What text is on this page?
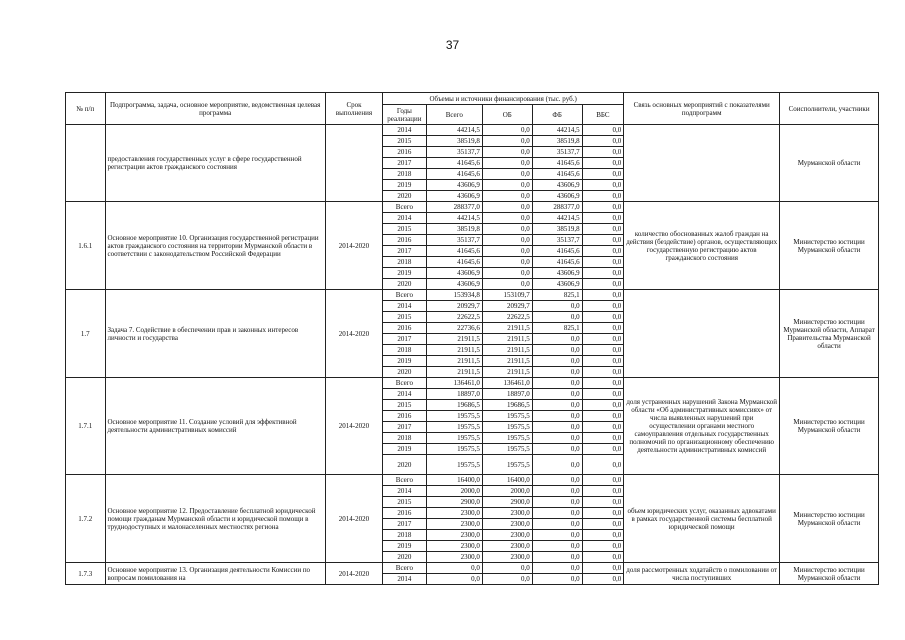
37
№ п/п	Подпрограмма, задача, основное мероприятие, ведомственная целевая программа	Срок выполнения	Объемы и источники финансирования (тыс. руб.)					Связь основных мероприятий с показателями подпрограмм	Соисполнители, участники
			Годы реализации	Всего	ОБ	ФБ	ВБС		
	предоставления государственных услуг в сфере государственной регистрации актов гражданского состояния		2014	44214,5	0,0	44214,5	0,0		Мурманской области
			2015	38519,8	0,0	38519,8	0,0		
			2016	35137,7	0,0	35137,7	0,0		
			2017	41645,6	0,0	41645,6	0,0		
			2018	41645,6	0,0	41645,6	0,0		
			2019	43606,9	0,0	43606,9	0,0		
			2020	43606,9	0,0	43606,9	0,0		
1.6.1	Основное мероприятие 10. Организация государственной регистрации актов гражданского состояния на территории Мурманской области в соответствии с законодательством Российской Федерации	2014-2020	Всего	288377,0	0,0	288377,0	0,0	количество обоснованных жалоб граждан на действия (бездействие) органов, осуществляющих государственную регистрацию актов гражданского состояния	Министерство юстиции Мурманской области
			2014	44214,5	0,0	44214,5	0,0		
			2015	38519,8	0,0	38519,8	0,0		
			2016	35137,7	0,0	35137,7	0,0		
			2017	41645,6	0,0	41645,6	0,0		
			2018	41645,6	0,0	41645,6	0,0		
			2019	43606,9	0,0	43606,9	0,0		
			2020	43606,9	0,0	43606,9	0,0		
1.7	Задача 7. Содействие в обеспечении прав и законных интересов личности и государства	2014-2020	Всего	153934,8	153109,7	825,1	0,0		Министерство юстиции Мурманской области, Аппарат Правительства Мурманской области
			2014	20929,7	20929,7	0,0	0,0		
			2015	22622,5	22622,5	0,0	0,0		
			2016	22736,6	21911,5	825,1	0,0		
			2017	21911,5	21911,5	0,0	0,0		
			2018	21911,5	21911,5	0,0	0,0		
			2019	21911,5	21911,5	0,0	0,0		
			2020	21911,5	21911,5	0,0	0,0		
1.7.1	Основное мероприятие 11. Создание условий для эффективной деятельности административных комиссий	2014-2020	Всего	136461,0	136461,0	0,0	0,0	доля устраненных нарушений Закона Мурманской области «Об административных комиссиях» от числа выявленных нарушений при осуществлении органами местного самоуправления отдельных государственных полномочий по организационному обеспечению деятельности административных комиссий	Министерство юстиции Мурманской области
			2014	18897,0	18897,0	0,0	0,0		
			2015	19686,5	19686,5	0,0	0,0		
			2016	19575,5	19575,5	0,0	0,0		
			2017	19575,5	19575,5	0,0	0,0		
			2018	19575,5	19575,5	0,0	0,0		
			2019	19575,5	19575,5	0,0	0,0		
			2020	19575,5	19575,5	0,0	0,0		
1.7.2	Основное мероприятие 12. Предоставление бесплатной юридической помощи гражданам Мурманской области и юридической помощи в труднодоступных и малонаселенных местностях региона	2014-2020	Всего	16400,0	16400,0	0,0	0,0	объем юридических услуг, оказанных адвокатами в рамках государственной системы бесплатной юридической помощи	Министерство юстиции Мурманской области
			2014	2000,0	2000,0	0,0	0,0		
			2015	2900,0	2900,0	0,0	0,0		
			2016	2300,0	2300,0	0,0	0,0		
			2017	2300,0	2300,0	0,0	0,0		
			2018	2300,0	2300,0	0,0	0,0		
			2019	2300,0	2300,0	0,0	0,0		
			2020	2300,0	2300,0	0,0	0,0		
1.7.3	Основное мероприятие 13. Организация деятельности Комиссии по вопросам помилования на	2014-2020	Всего	0,0	0,0	0,0	0,0	доля рассмотренных ходатайств о помиловании от числа поступивших	Министерство юстиции Мурманской области
			2014	0,0	0,0	0,0	0,0		
